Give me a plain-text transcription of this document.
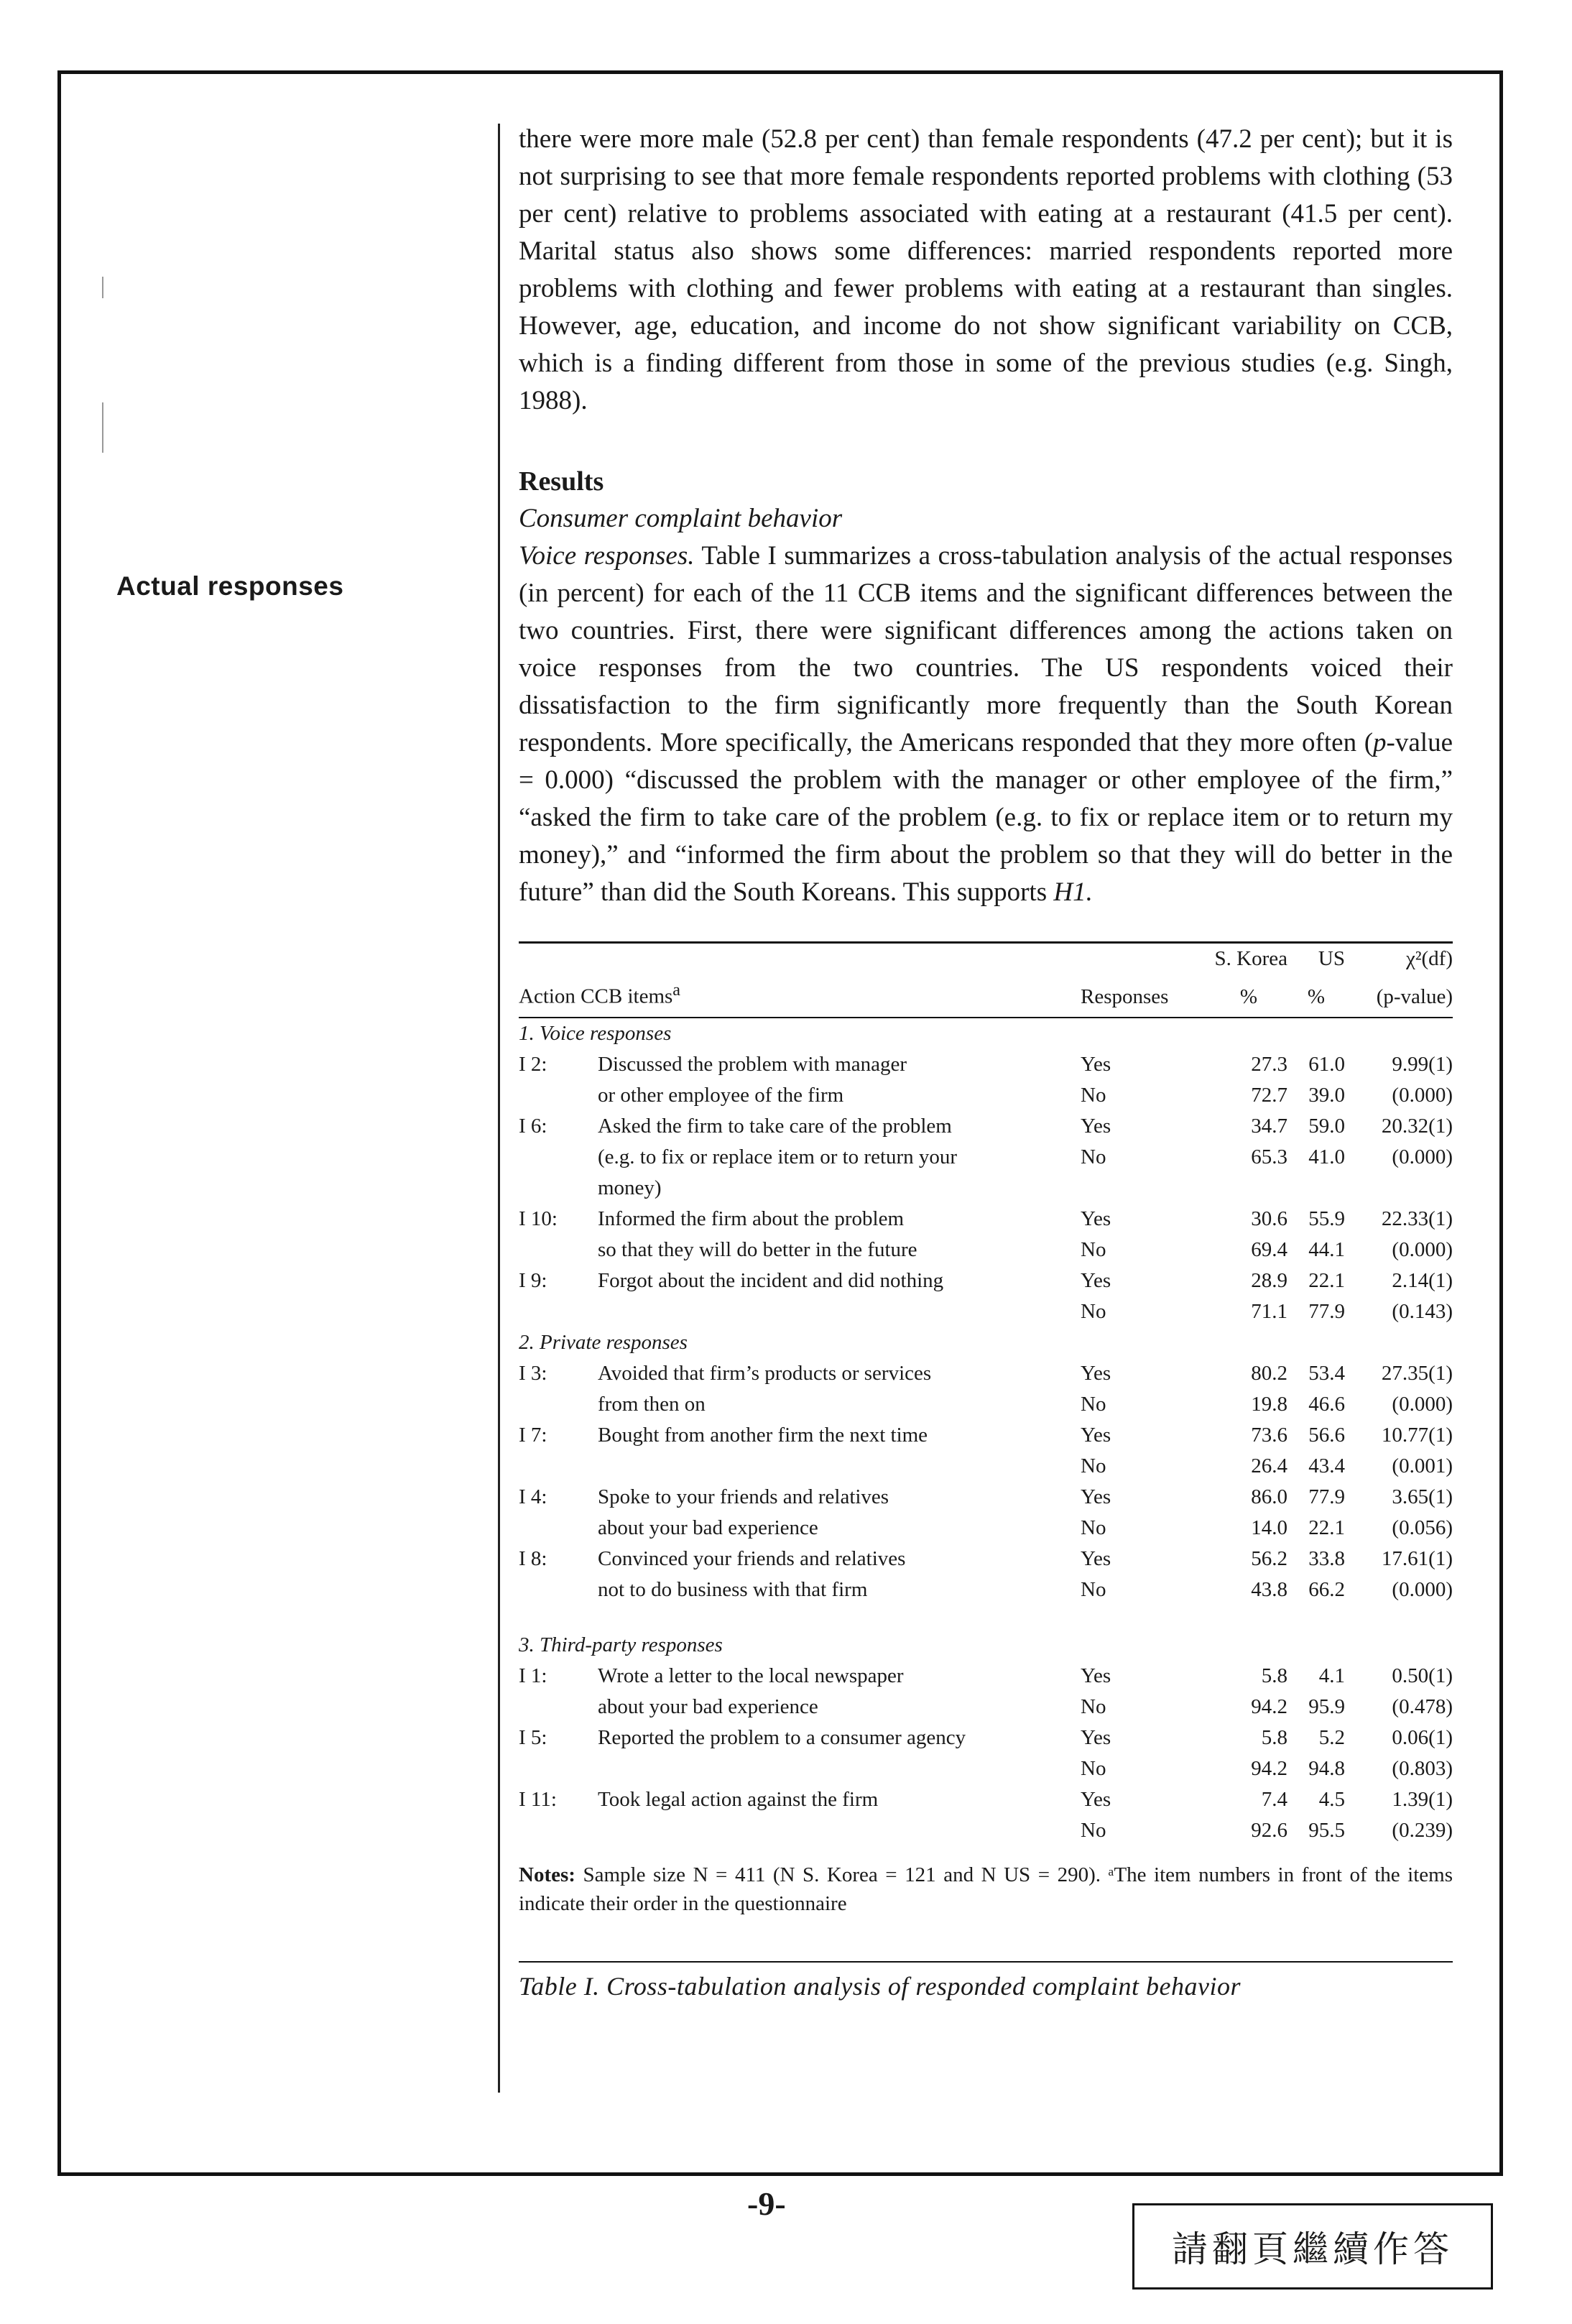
Actual responses

there were more male (52.8 per cent) than female respondents (47.2 per cent); but it is not surprising to see that more female respondents reported problems with clothing (53 per cent) relative to problems associated with eating at a restaurant (41.5 per cent). Marital status also shows some differences: married respondents reported more problems with clothing and fewer problems with eating at a restaurant than singles. However, age, education, and income do not show significant variability on CCB, which is a finding different from those in some of the previous studies (e.g. Singh, 1988).

Results

Consumer complaint behavior

Voice responses. Table I summarizes a cross-tabulation analysis of the actual responses (in percent) for each of the 11 CCB items and the significant differences between the two countries. First, there were significant differences among the actions taken on voice responses from the two countries. The US respondents voiced their dissatisfaction to the firm significantly more frequently than the South Korean respondents. More specifically, the Americans responded that they more often (p-value = 0.000) “discussed the problem with the manager or other employee of the firm,” “asked the firm to take care of the problem (e.g. to fix or replace item or to return my money),” and “informed the firm about the problem so that they will do better in the future” than did the South Koreans. This supports H1.

			S. Korea	US	χ²(df)
Action CCB items$^a$		Responses	%	%	(p-value)
1. Voice responses					
I 2:	Discussed the problem with manager	Yes	27.3	61.0	9.99(1)
	or other employee of the firm	No	72.7	39.0	(0.000)
I 6:	Asked the firm to take care of the problem	Yes	34.7	59.0	20.32(1)
	(e.g. to fix or replace item or to return your	No	65.3	41.0	(0.000)
	money)				
I 10:	Informed the firm about the problem	Yes	30.6	55.9	22.33(1)
	so that they will do better in the future	No	69.4	44.1	(0.000)
I 9:	Forgot about the incident and did nothing	Yes	28.9	22.1	2.14(1)
		No	71.1	77.9	(0.143)
2. Private responses					
I 3:	Avoided that firm’s products or services	Yes	80.2	53.4	27.35(1)
	from then on	No	19.8	46.6	(0.000)
I 7:	Bought from another firm the next time	Yes	73.6	56.6	10.77(1)
		No	26.4	43.4	(0.001)
I 4:	Spoke to your friends and relatives	Yes	86.0	77.9	3.65(1)
	about your bad experience	No	14.0	22.1	(0.056)
I 8:	Convinced your friends and relatives	Yes	56.2	33.8	17.61(1)
	not to do business with that firm	No	43.8	66.2	(0.000)

3. Third-party responses					
I 1:	Wrote a letter to the local newspaper	Yes	5.8	4.1	0.50(1)
	about your bad experience	No	94.2	95.9	(0.478)
I 5:	Reported the problem to a consumer agency	Yes	5.8	5.2	0.06(1)
		No	94.2	94.8	(0.803)
I 11:	Took legal action against the firm	Yes	7.4	4.5	1.39(1)
		No	92.6	95.5	(0.239)

Notes: Sample size N = 411 (N S. Korea = 121 and N US = 290). ᵃThe item numbers in front of the items indicate their order in the questionnaire

Table I. Cross-tabulation analysis of responded complaint behavior
-9-
請翻頁繼續作答
